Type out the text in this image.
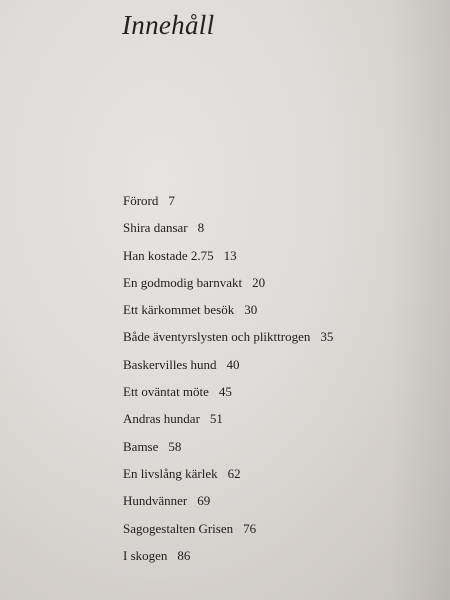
Innehåll
Förord 7
Shira dansar 8
Han kostade 2.75 13
En godmodig barnvakt 20
Ett kärkommet besök 30
Både äventyrslysten och plikttrogen 35
Baskervilles hund 40
Ett oväntat möte 45
Andras hundar 51
Bamse 58
En livslång kärlek 62
Hundvänner 69
Sagogestalten Grisen 76
I skogen 86
